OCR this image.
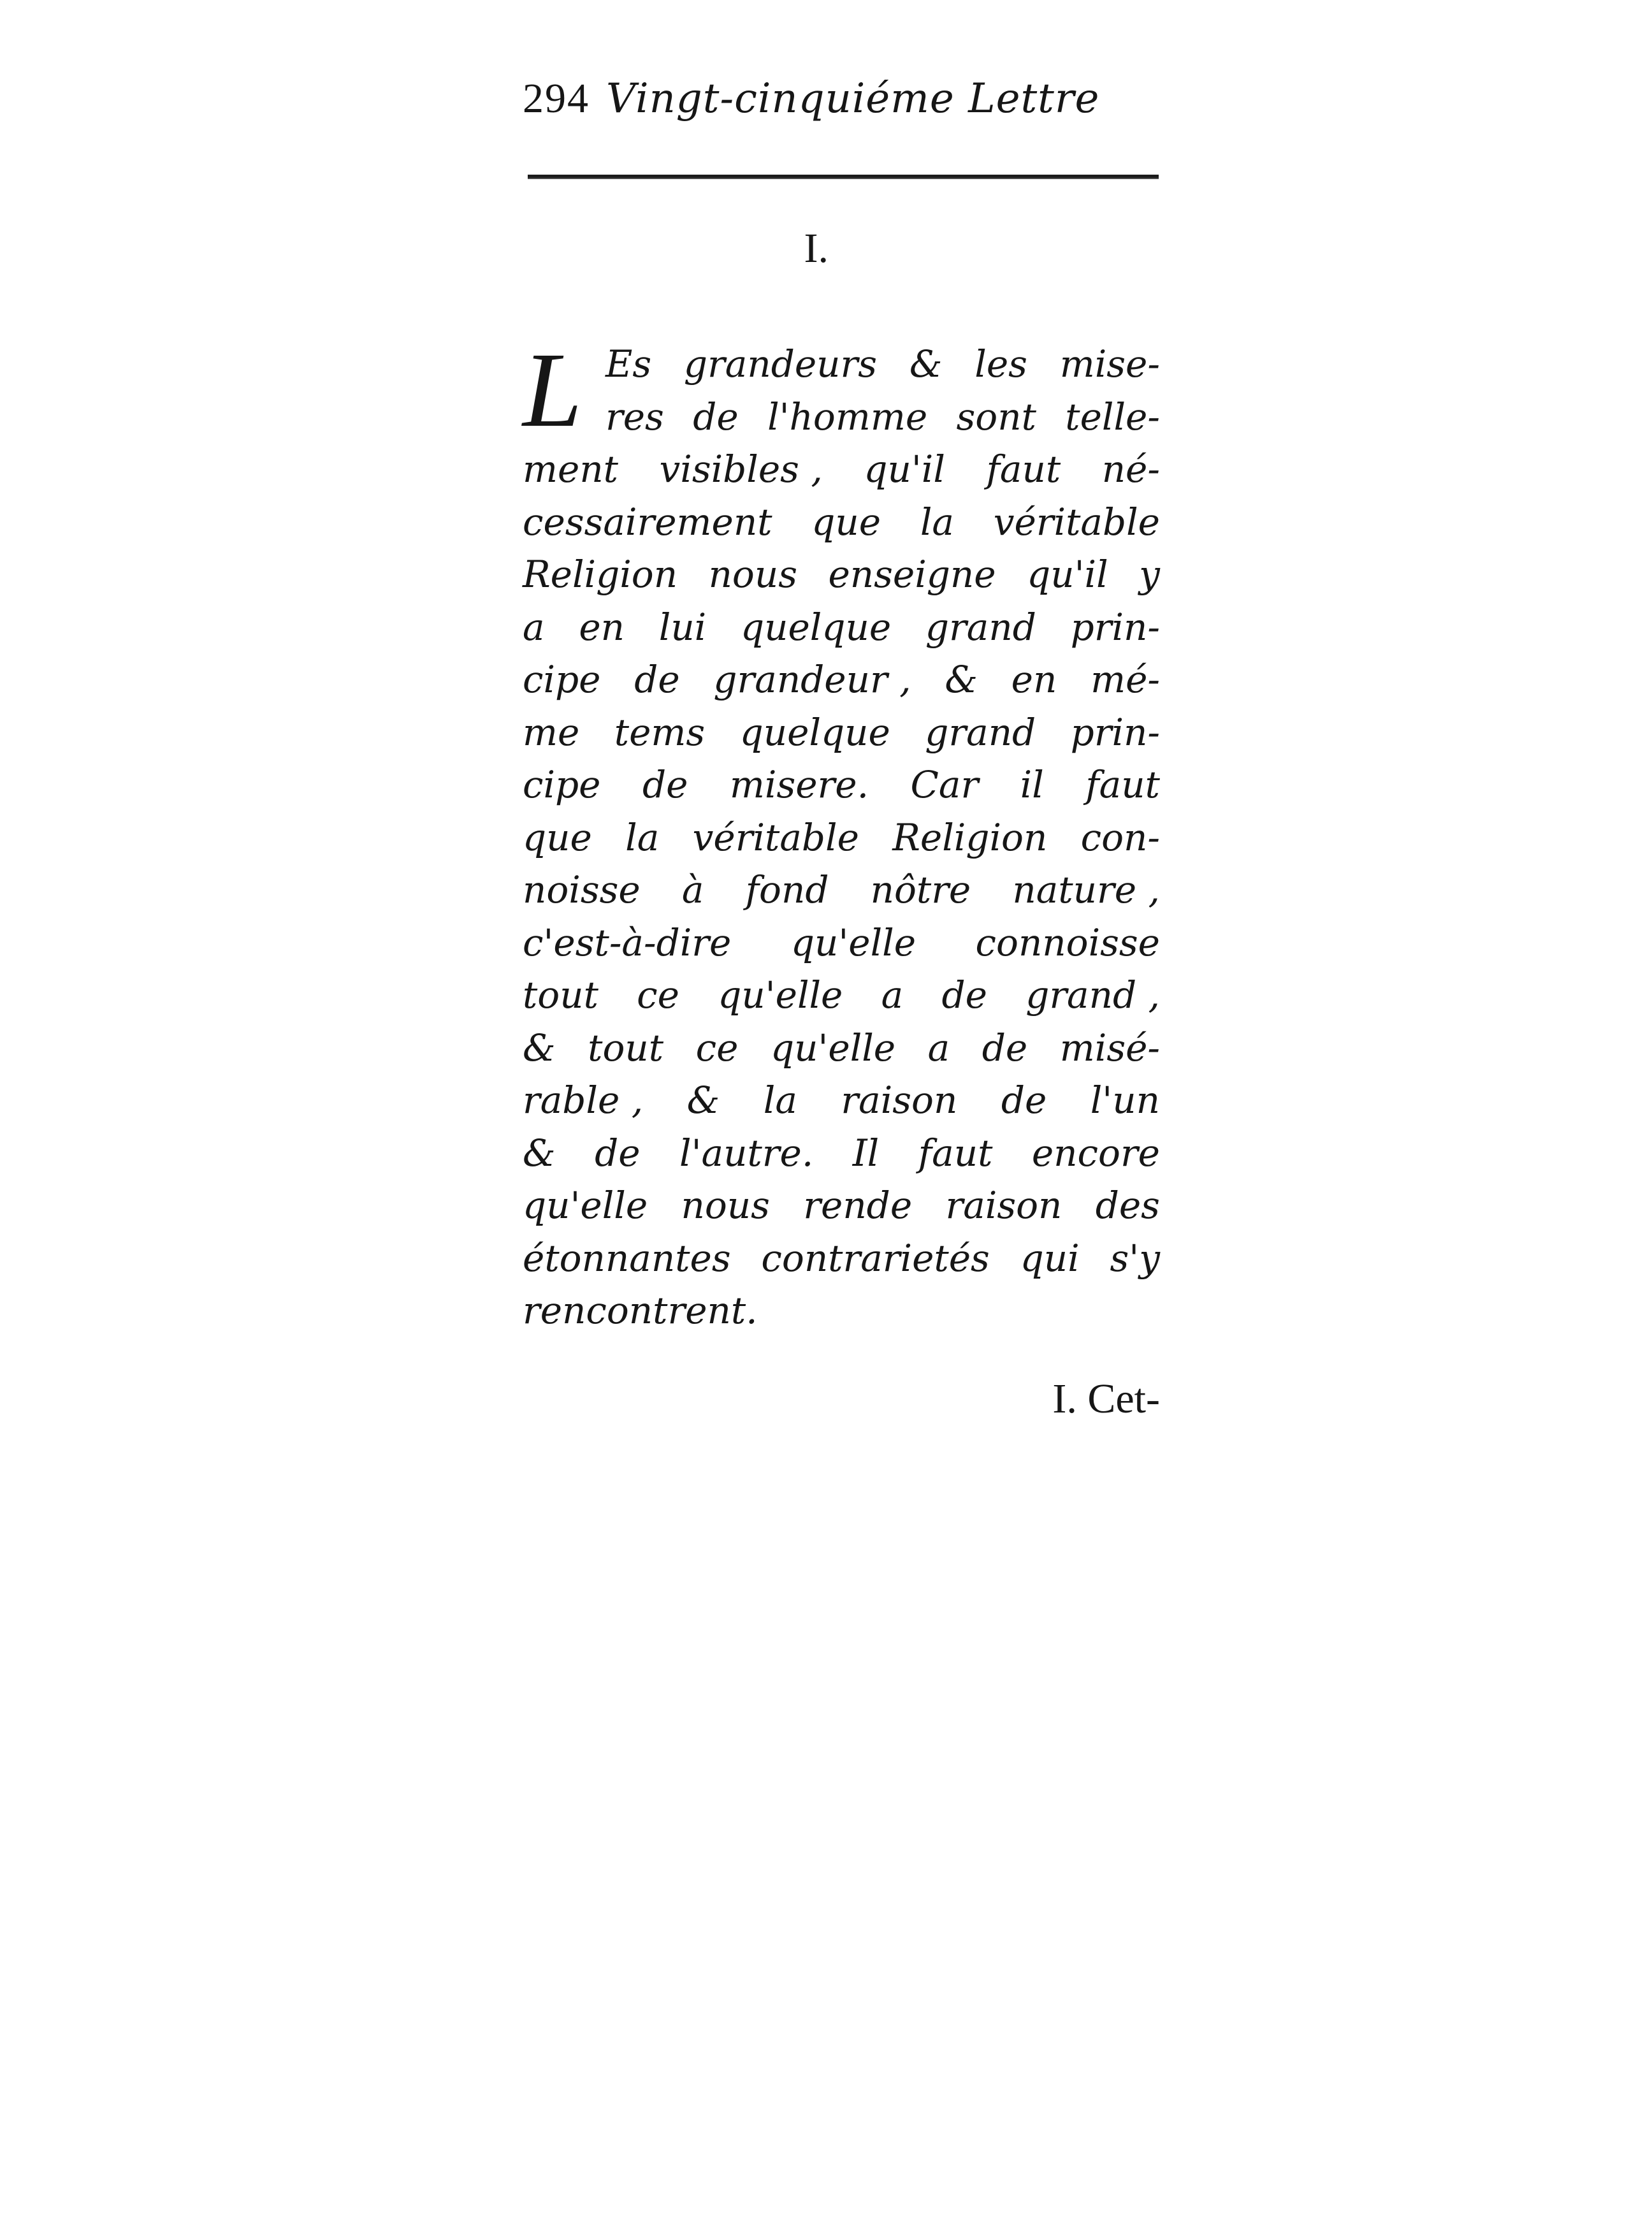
294 Vingt-cinquiéme Lettre
I.
L Es grandeurs & les mise-
res de l'homme sont telle-
ment visibles , qu'il faut né-
cessairement que la véritable
Religion nous enseigne qu'il y
a en lui quelque grand prin-
cipe de grandeur , & en mé-
me tems quelque grand prin-
cipe de misere. Car il faut
que la véritable Religion con-
noisse à fond nôtre nature ,
c'est-à-dire qu'elle connoisse
tout ce qu'elle a de grand ,
& tout ce qu'elle a de misé-
rable , & la raison de l'un
& de l'autre. Il faut encore
qu'elle nous rende raison des
étonnantes contrarietés qui s'y
rencontrent.
I. Cet-
